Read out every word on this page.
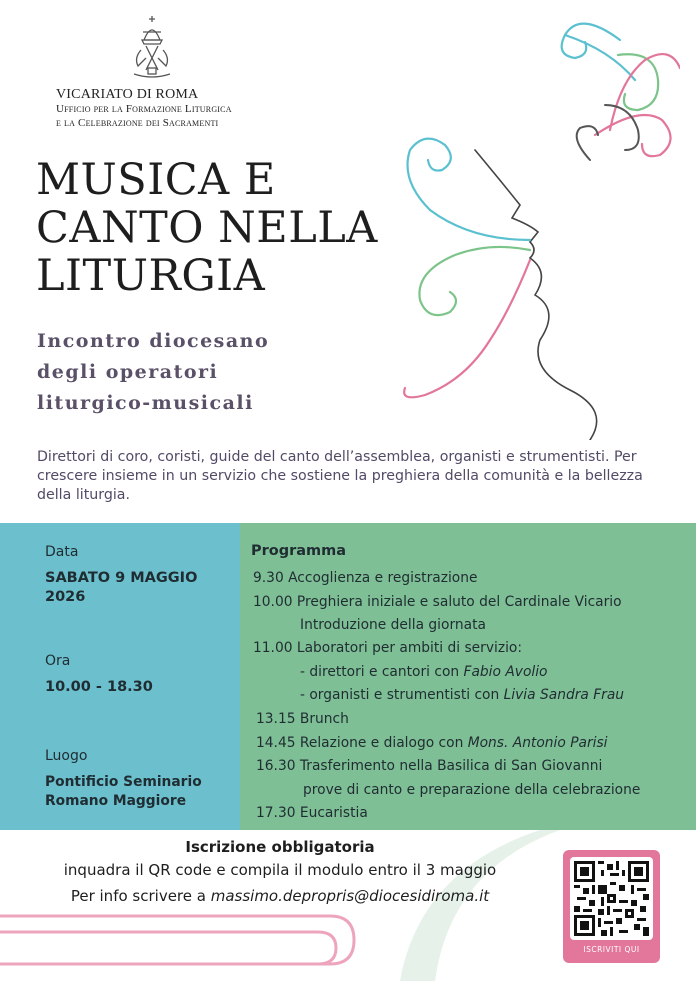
VICARIATO DI ROMA
Ufficio per la Formazione Liturgica
e la Celebrazione dei Sacramenti
MUSICA E
CANTO NELLA
LITURGIA
Incontro diocesano
degli operatori
liturgico-musicali
Direttori di coro, coristi, guide del canto dell’assemblea, organisti e strumentisti. Per crescere insieme in un servizio che sostiene la preghiera della comunità e la bellezza della liturgia.
Data
SABATO 9 MAGGIO
2026
Ora
10.00 - 18.30
Luogo
Pontificio Seminario
Romano Maggiore
Programma
9.30 Accoglienza e registrazione
10.00 Preghiera iniziale e saluto del Cardinale Vicario
Introduzione della giornata
11.00 Laboratori per ambiti di servizio:
- direttori e cantori con Fabio Avolio
- organisti e strumentisti con Livia Sandra Frau
13.15 Brunch
14.45 Relazione e dialogo con Mons. Antonio Parisi
16.30 Trasferimento nella Basilica di San Giovanni
prove di canto e preparazione della celebrazione
17.30 Eucaristia
Iscrizione obbligatoria
inquadra il QR code e compila il modulo entro il 3 maggio
Per info scrivere a massimo.depropris@diocesidiroma.it
ISCRIVITI QUI
